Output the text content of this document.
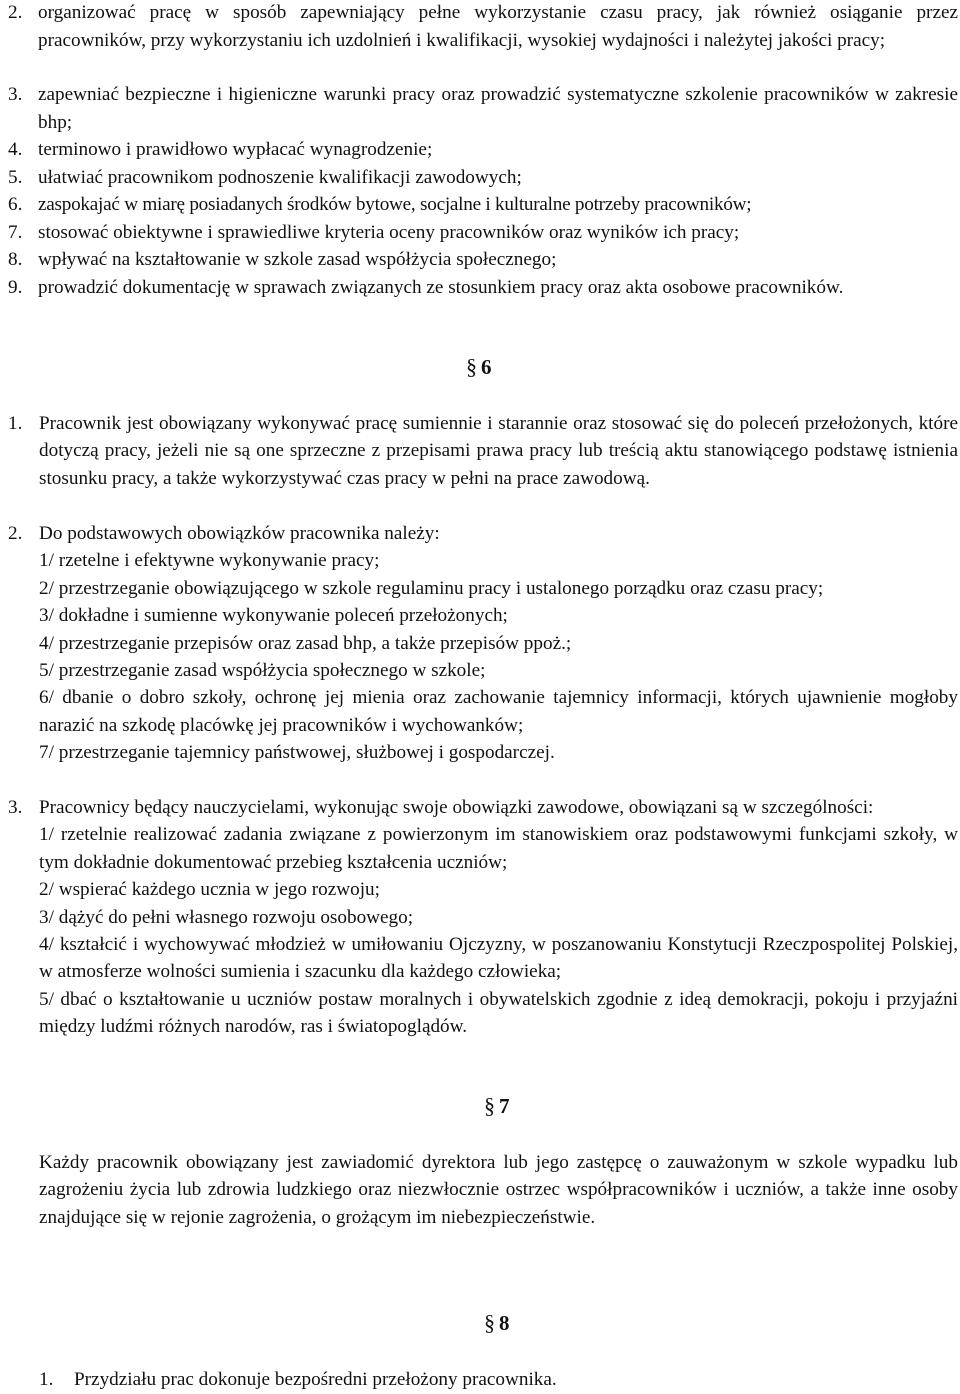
2. organizować pracę w sposób zapewniający pełne wykorzystanie czasu pracy, jak również osiąganie przez pracowników, przy wykorzystaniu ich uzdolnień i kwalifikacji, wysokiej wydajności i należytej jakości pracy;
3. zapewniać bezpieczne i higieniczne warunki pracy oraz prowadzić systematyczne szkolenie pracowników w zakresie bhp;
4. terminowo i prawidłowo wypłacać wynagrodzenie;
5. ułatwiać pracownikom podnoszenie kwalifikacji zawodowych;
6. zaspokajać w miarę posiadanych środków bytowe, socjalne i kulturalne potrzeby pracowników;
7. stosować obiektywne i sprawiedliwe kryteria oceny pracowników oraz wyników ich pracy;
8. wpływać na kształtowanie w szkole zasad współżycia społecznego;
9. prowadzić dokumentację w sprawach związanych ze stosunkiem pracy oraz akta osobowe pracowników.
§ 6
1. Pracownik jest obowiązany wykonywać pracę sumiennie i starannie oraz stosować się do poleceń przełożonych, które dotyczą pracy, jeżeli nie są one sprzeczne z przepisami prawa pracy lub treścią aktu stanowiącego podstawę istnienia stosunku pracy, a także wykorzystywać czas pracy w pełni na prace zawodową.
2. Do podstawowych obowiązków pracownika należy:
1/ rzetelne i efektywne wykonywanie pracy;
2/ przestrzeganie obowiązującego w szkole regulaminu pracy i ustalonego porządku oraz czasu pracy;
3/ dokładne i sumienne wykonywanie poleceń przełożonych;
4/ przestrzeganie przepisów oraz zasad bhp, a także przepisów ppoż.;
5/ przestrzeganie zasad współżycia społecznego w szkole;
6/ dbanie o dobro szkoły, ochronę jej mienia oraz zachowanie tajemnicy informacji, których ujawnienie mogłoby narazić na szkodę placówkę jej pracowników i wychowanków;
7/ przestrzeganie tajemnicy państwowej, służbowej i gospodarczej.
3. Pracownicy będący nauczycielami, wykonując swoje obowiązki zawodowe, obowiązani są w szczególności:
1/ rzetelnie realizować zadania związane z powierzonym im stanowiskiem oraz podstawowymi funkcjami szkoły, w tym dokładnie dokumentować przebieg kształcenia uczniów;
2/ wspierać każdego ucznia w jego rozwoju;
3/ dążyć do pełni własnego rozwoju osobowego;
4/ kształcić i wychowywać młodzież w umiłowaniu Ojczyzny, w poszanowaniu Konstytucji Rzeczpospolitej Polskiej, w atmosferze wolności sumienia i szacunku dla każdego człowieka;
5/ dbać o kształtowanie u uczniów postaw moralnych i obywatelskich zgodnie z ideą demokracji, pokoju i przyjaźni między ludźmi różnych narodów, ras i światopoglądów.
§ 7
Każdy pracownik obowiązany jest zawiadomić dyrektora lub jego zastępcę o zauważonym w szkole wypadku lub zagrożeniu życia lub zdrowia ludzkiego oraz niezwłocznie ostrzec współpracowników i uczniów, a także inne osoby znajdujące się w rejonie zagrożenia, o grożącym im niebezpieczeństwie.
§ 8
1.	Przydziału prac dokonuje bezpośredni przełożony pracownika.
